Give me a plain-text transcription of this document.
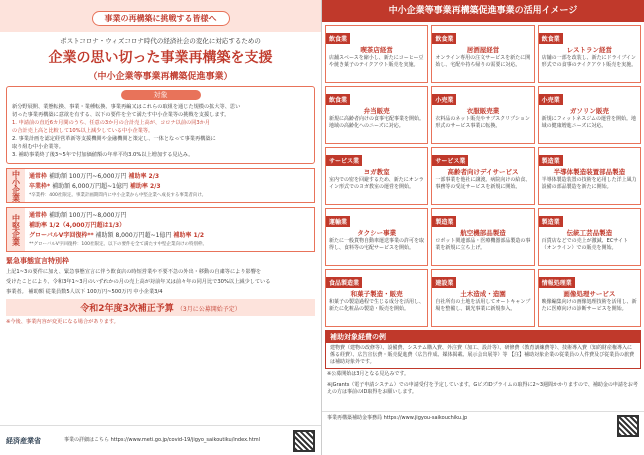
事業の再構築に挑戦する皆様へ
ポストコロナ・ウィズコロナ時代の経済社会の変化に対応するための
企業の思い切った事業再構築を支援
（中小企業等事業再構築促進事業）
対象
新分野展開、業態転換、事業・業種転換、事業再編又はこれらの取組を通じた規模の拡大等、思い
切った事業再構築に意欲を有する、以下の要件を全て満たす中小企業等の挑戦を支援します。
1. 申請前の直近6カ月間のうち、任意の3か月の合計売上高が、コロナ以前の同3か月
の合計売上高と比較して10%以上減少している中小企業等。
2. 事業計画を認定経営革新等支援機関や金融機関と策定し、一体となって事業再構築に
取り組む中小企業等。
3. 補助事業終了後3~5年で付加価値額の年率平均3.0%以上増加する見込み。
中小企業	通常枠 補助額 100万円~6,000万円 補助率 2/3
卒業枠* 補助額 6,000万円超~1億円 補助率 2/3
*卒業枠：400社限定。事業計画期間内に中小企業から中堅企業へ成長する事業者向け。
中堅企業	通常枠 補助額 100万円~8,000万円
補助率 1/2（4,000万円超は1/3）
グローバルV字回復枠** 補助額 8,000万円超~1億円 補助率 1/2
**グローバルV字回復枠：100社限定。以下の要件を全て満たす中堅企業向けの特別枠。
緊急事態宣言特別枠
上記1~3の要件に加え、緊急事態宣言に伴う飲食店の時短営業や不要不急の外出・移動の自粛等により影響を
受けたことにより、令和3年1~3月のいずれかの月の売上高が対前年又は前々年の同月比で30%以上減少している
事業者。 補助額 従業員数5人以下 100万円~500万円 中小企業3/4
令和2年度3次補正予算 （3月に公募開始予定）
※今後、事業内容が変更になる場合があります。
経済産業省	事業の詳細はこちら https://www.meti.go.jp/covid-19/jigyo_saikoutiku/index.html
中小企業等事業再構築促進事業の活用イメージ
飲食業
喫茶店経営
店舗スペースを縮小し、新たにコーヒー豆や焼き菓子のテイクアウト販売を実施。
飲食業
居酒屋経営
オンライン専用の注文サービスを新たに開始し、宅配や持ち帰りの需要に対応。
飲食業
レストラン経営
店舗の一部を改装し、新たにドライブイン形式での食事のテイクアウト販売を実施。
飲食業
弁当販売
新規に高齢者向けの食事宅配事業を開始。地域の高齢化へのニーズに対応。
小売業
衣服販売業
衣料品のネット販売やサブスクリプション形式のサービス事業に転換。
小売業
ガソリン販売
新規にフィットネスジムの運営を開始。地域の健康増進ニーズに対応。
サービス業
ヨガ教室
室内での密を回避するため、新たにオンライン形式でのヨガ教室の運営を開始。
サービス業
高齢者向けデイサービス
一部事業を他社に譲渡。病院向けの給食、事務等の受託サービスを新規に開始。
製造業
半導体製造装置部品製造
半導体製造装置の技術を応用した洋上風力設備の部品製造を新たに開始。
運輸業
タクシー事業
新たに一般貨物自動車運送事業の許可を取得し、食料等の宅配サービスを開始。
製造業
航空機部品製造
ロボット関連部品・医療機器部品製造の事業を新規に立ち上げ。
製造業
伝統工芸品製造
百貨店などでの売上が激減、ECサイト（オンライン）での販売を開始。
食品製造業
和菓子製造・販売
和菓子の製造過程で生じる成分を活用し、新たに化粧品の製造・販売を開始。
建設業
土木造成・造園
自社所有の土地を活用してオートキャンプ場を整備し、観光事業に新規参入。
情報処理業
画像処理サービス
映像編集向けの画像処理技術を活用し、新たに医療向けの診断サービスを開始。
補助対象経費の例
建物費（建物の改修等）、設備費、システム購入費、外注費（加工、設計等）、研修費（教育訓練費等）、技術導入費（知的財産権導入に係る経費）、広告宣伝費・販売促進費（広告作成、媒体掲載、展示会出展等）等 【注】補助対象企業の従業員の人件費及び従業員の旅費は補助対象外です。
※公募開始は3月となる見込みです。
※jGrants（電子申請システム）での申請受付を予定しています。GビズIDプライムの取得に2~3週間かかりますので、補助金の申請をお考えの方は事前のID取得をお願いします。
事業再構築補助金事務局 https://www.jigyou-saikouchiku.jp
